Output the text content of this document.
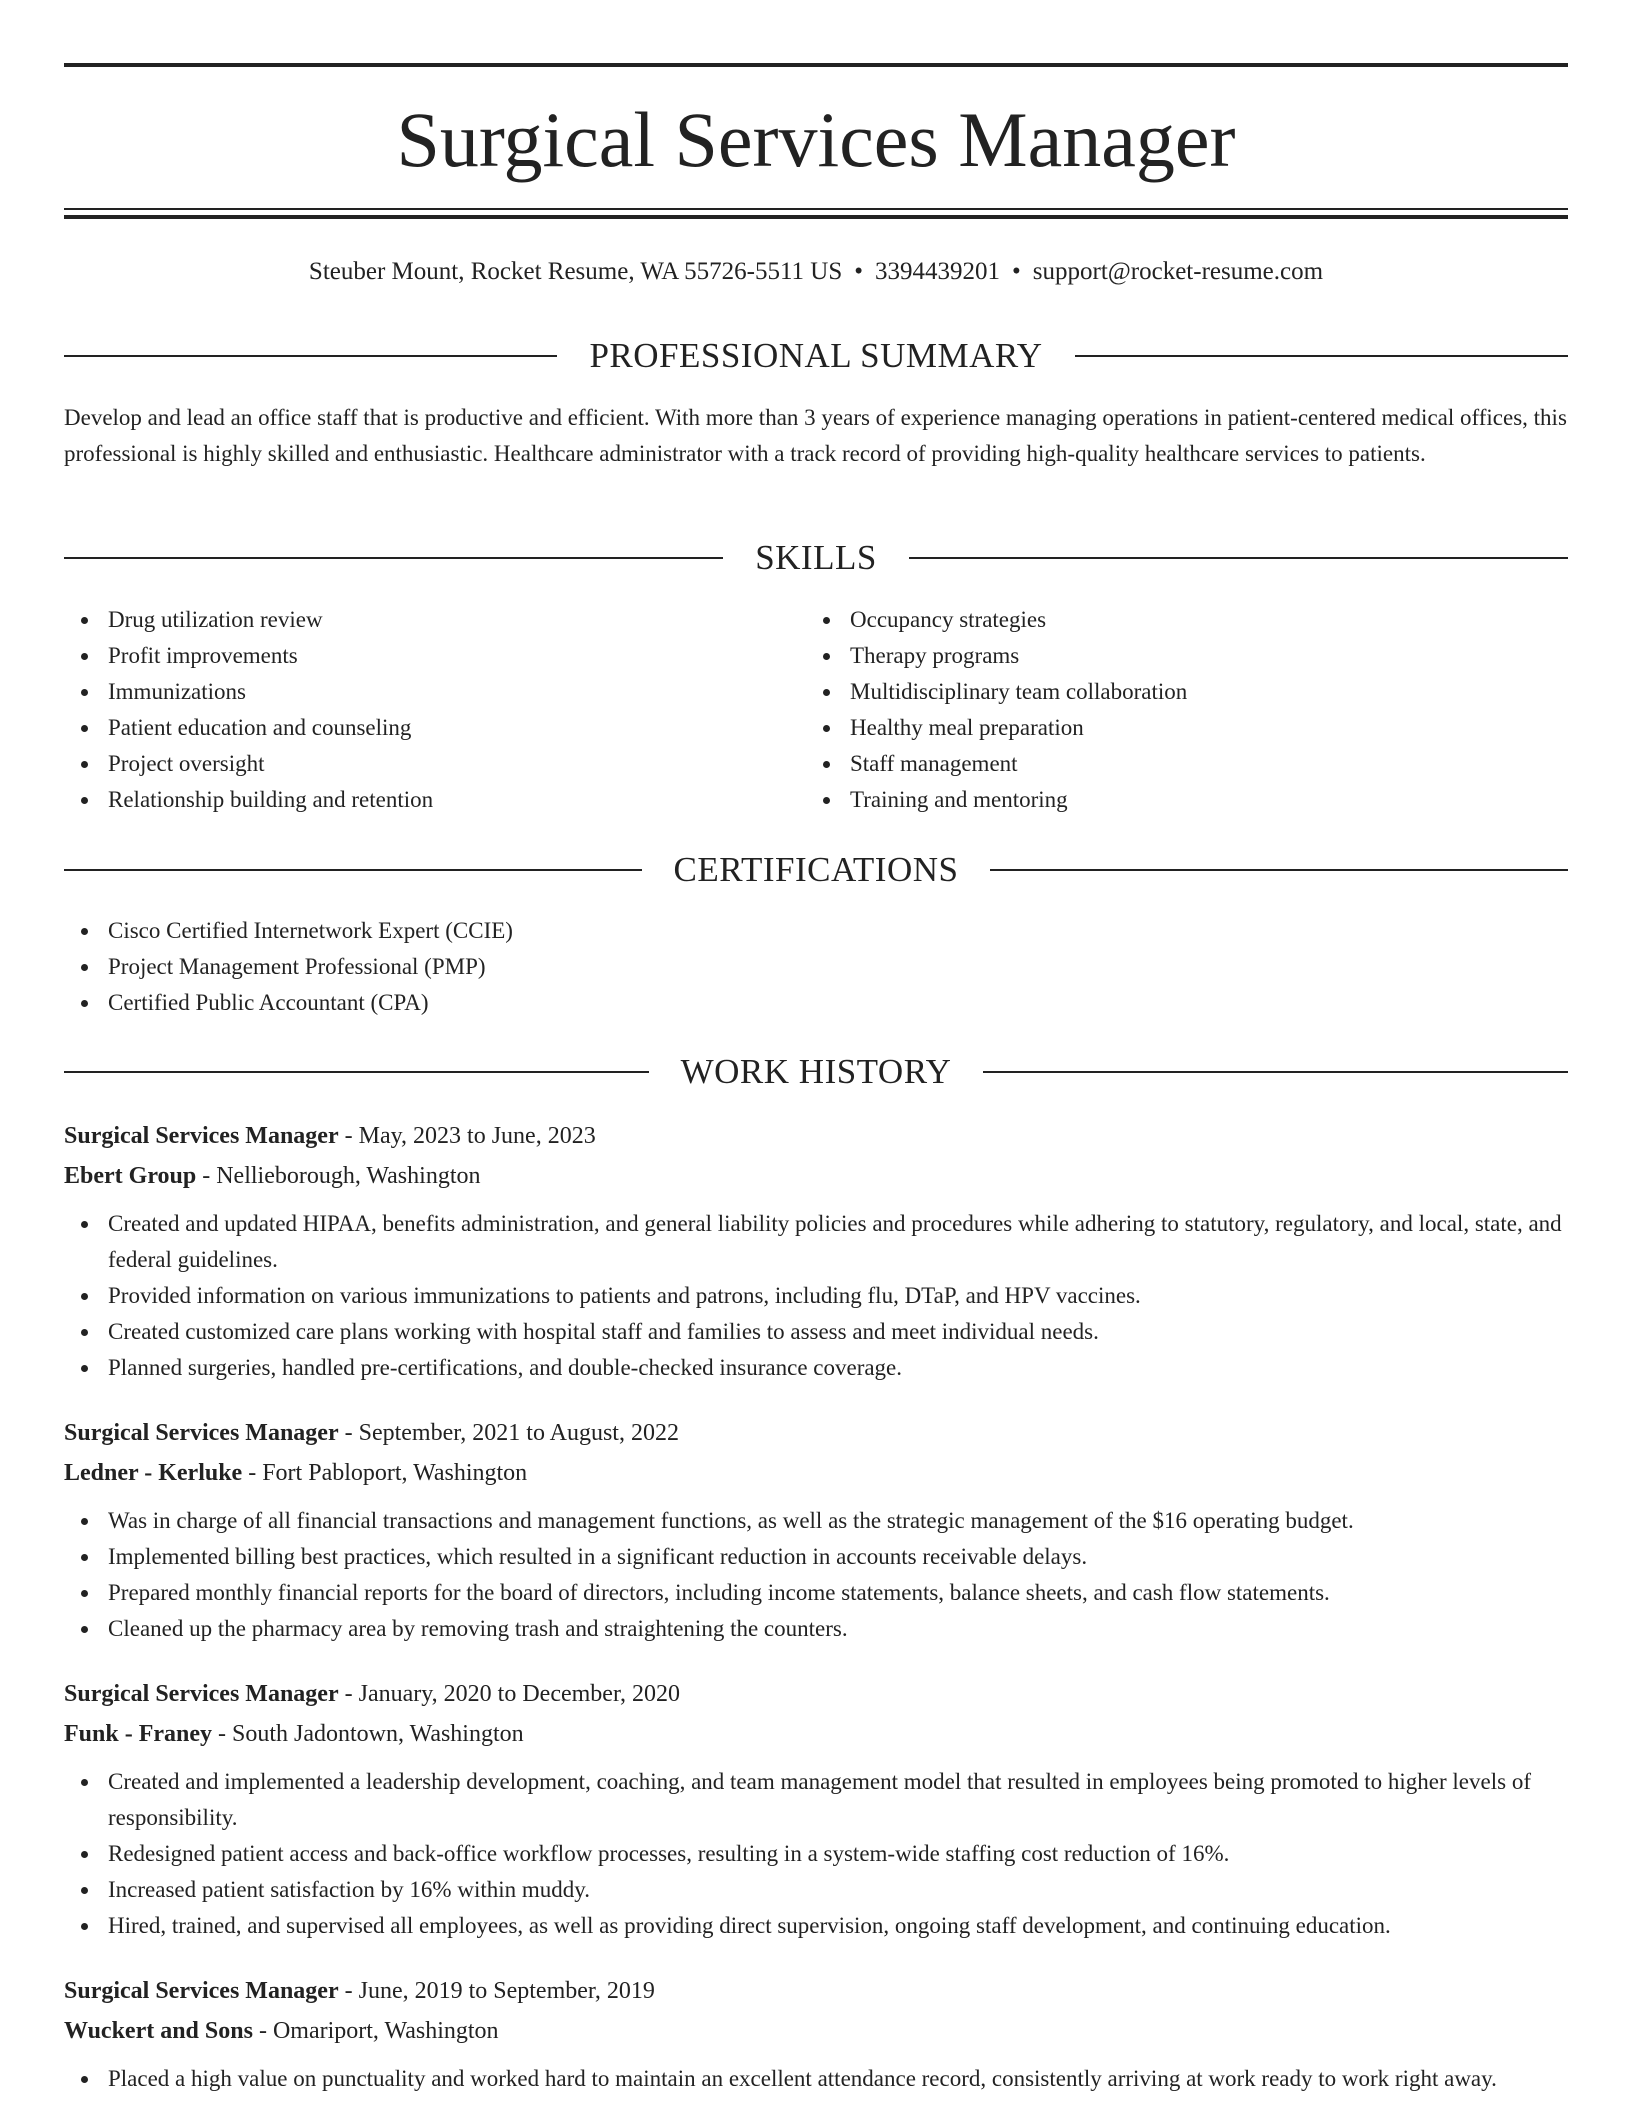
Surgical Services Manager
Steuber Mount, Rocket Resume, WA 55726-5511 US • 3394439201 • support@rocket-resume.com
PROFESSIONAL SUMMARY

Develop and lead an office staff that is productive and efficient. With more than 3 years of experience managing operations in patient-centered medical offices, this professional is highly skilled and enthusiastic. Healthcare administrator with a track record of providing high-quality healthcare services to patients.

SKILLS
Drug utilization review
Profit improvements
Immunizations
Patient education and counseling
Project oversight
Relationship building and retention
Occupancy strategies
Therapy programs
Multidisciplinary team collaboration
Healthy meal preparation
Staff management
Training and mentoring
CERTIFICATIONS
Cisco Certified Internetwork Expert (CCIE)
Project Management Professional (PMP)
Certified Public Accountant (CPA)
WORK HISTORY
Surgical Services Manager - May, 2023 to June, 2023
Ebert Group - Nellieborough, Washington
Created and updated HIPAA, benefits administration, and general liability policies and procedures while adhering to statutory, regulatory, and local, state, and federal guidelines.
Provided information on various immunizations to patients and patrons, including flu, DTaP, and HPV vaccines.
Created customized care plans working with hospital staff and families to assess and meet individual needs.
Planned surgeries, handled pre-certifications, and double-checked insurance coverage.
Surgical Services Manager - September, 2021 to August, 2022
Ledner - Kerluke - Fort Pabloport, Washington
Was in charge of all financial transactions and management functions, as well as the strategic management of the $16 operating budget.
Implemented billing best practices, which resulted in a significant reduction in accounts receivable delays.
Prepared monthly financial reports for the board of directors, including income statements, balance sheets, and cash flow statements.
Cleaned up the pharmacy area by removing trash and straightening the counters.
Surgical Services Manager - January, 2020 to December, 2020
Funk - Franey - South Jadontown, Washington
Created and implemented a leadership development, coaching, and team management model that resulted in employees being promoted to higher levels of responsibility.
Redesigned patient access and back-office workflow processes, resulting in a system-wide staffing cost reduction of 16%.
Increased patient satisfaction by 16% within muddy.
Hired, trained, and supervised all employees, as well as providing direct supervision, ongoing staff development, and continuing education.
Surgical Services Manager - June, 2019 to September, 2019
Wuckert and Sons - Omariport, Washington
Placed a high value on punctuality and worked hard to maintain an excellent attendance record, consistently arriving at work ready to work right away.
